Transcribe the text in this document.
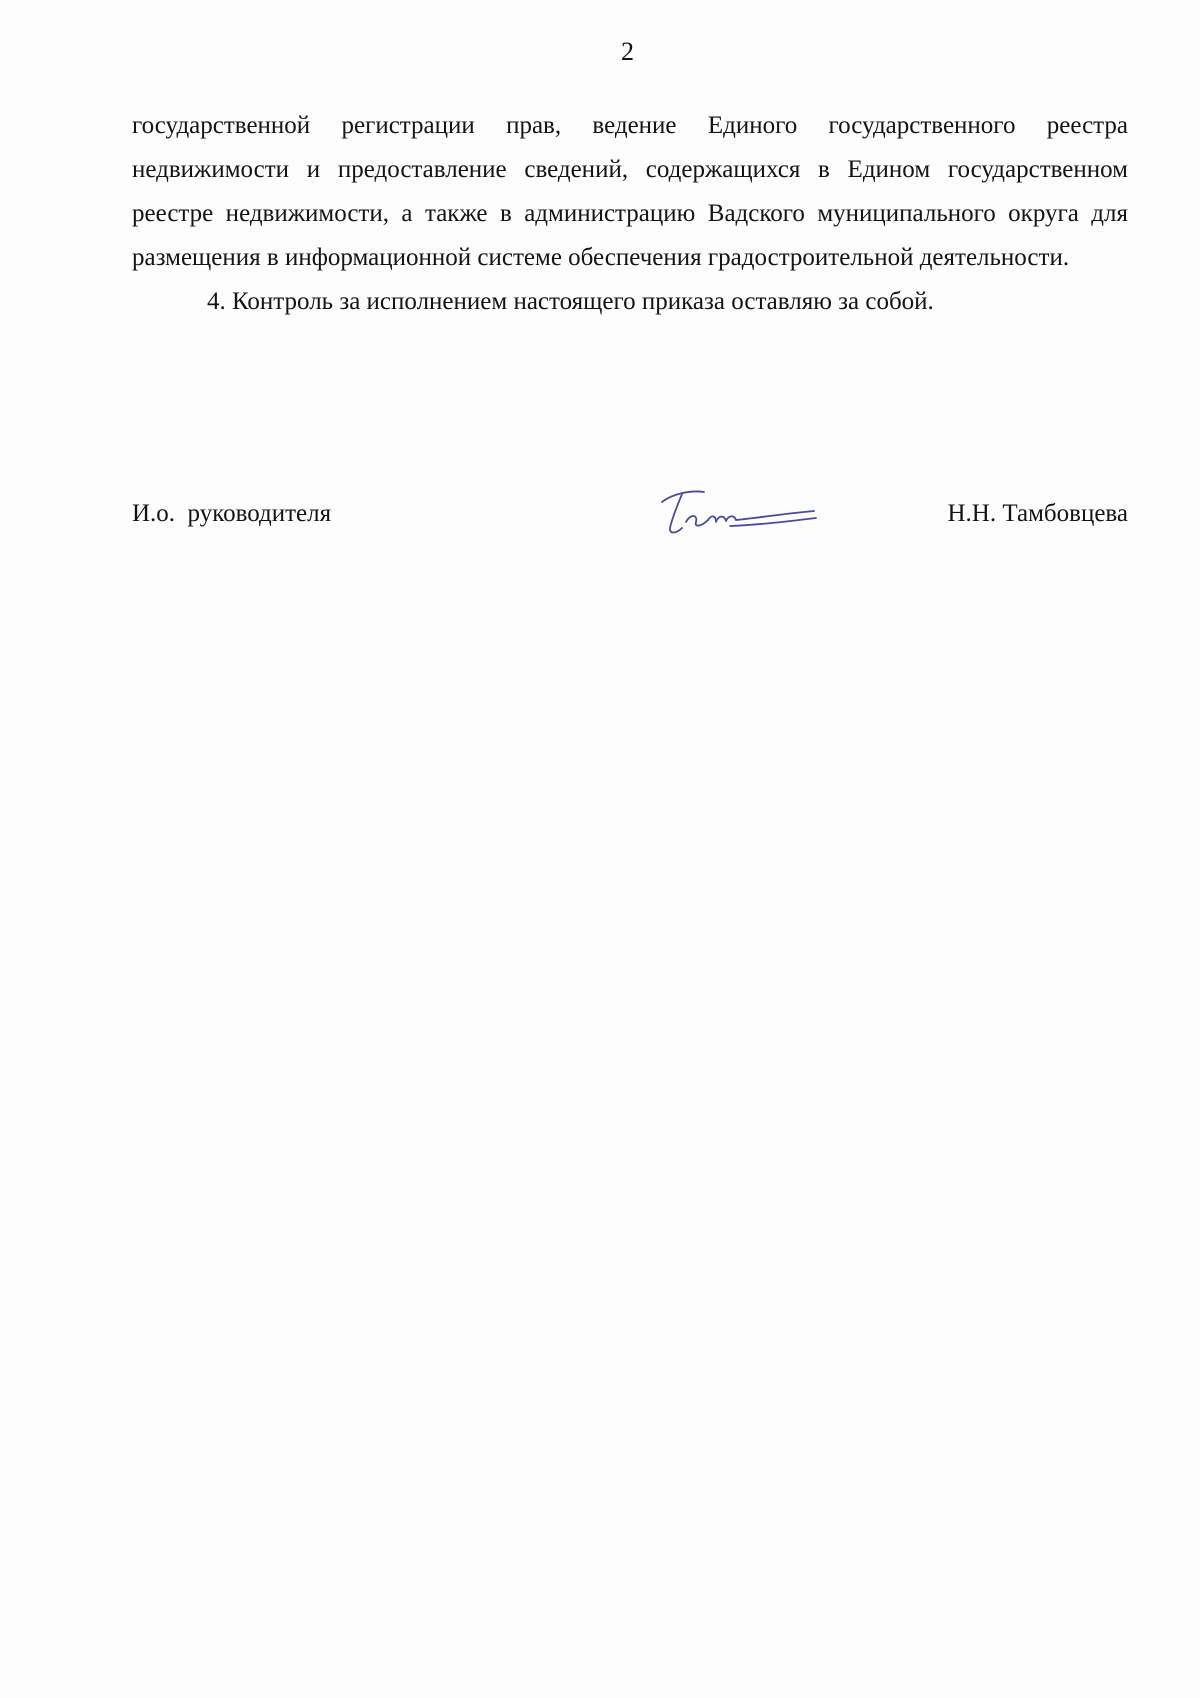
2

государственной регистрации прав, ведение Единого государственного реестра недвижимости и предоставление сведений, содержащихся в Едином государственном реестре недвижимости, а также в администрацию Вадского муниципального округа для размещения в информационной системе обеспечения градостроительной деятельности.

4. Контроль за исполнением настоящего приказа оставляю за собой.

И.о.  руководителя	Н.Н. Тамбовцева
